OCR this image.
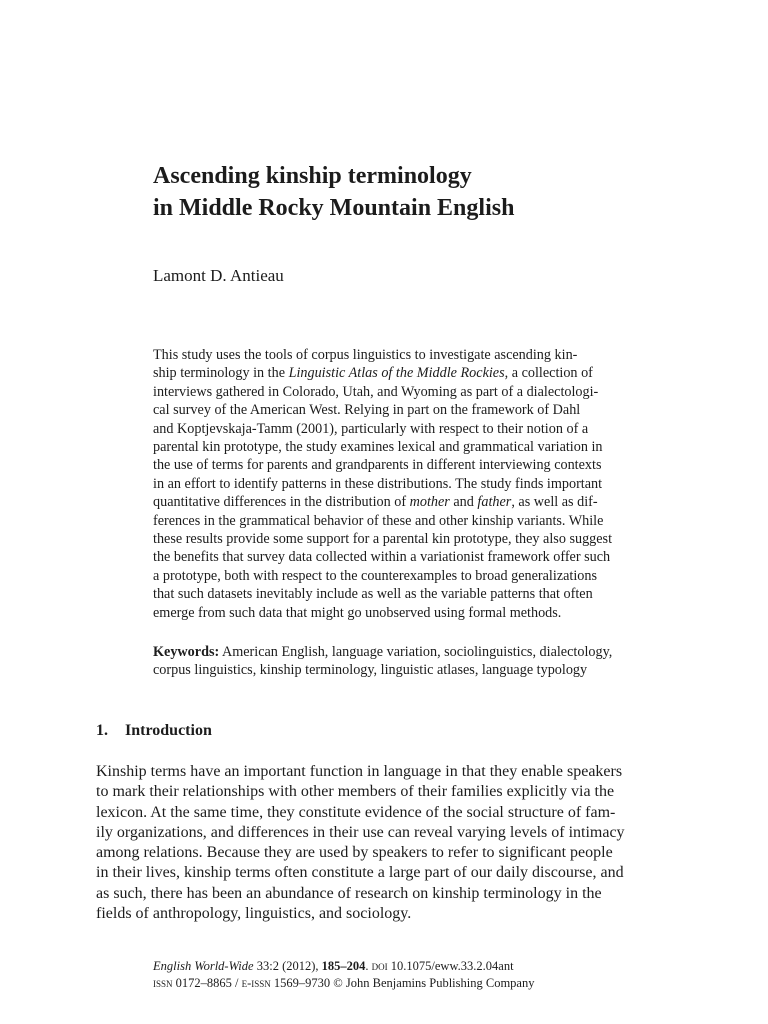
Ascending kinship terminology
in Middle Rocky Mountain English
Lamont D. Antieau
This study uses the tools of corpus linguistics to investigate ascending kin-
ship terminology in the Linguistic Atlas of the Middle Rockies, a collection of
interviews gathered in Colorado, Utah, and Wyoming as part of a dialectologi-
cal survey of the American West. Relying in part on the framework of Dahl
and Koptjevskaja-Tamm (2001), particularly with respect to their notion of a
parental kin prototype, the study examines lexical and grammatical variation in
the use of terms for parents and grandparents in different interviewing contexts
in an effort to identify patterns in these distributions. The study finds important
quantitative differences in the distribution of mother and father, as well as dif-
ferences in the grammatical behavior of these and other kinship variants. While
these results provide some support for a parental kin prototype, they also suggest
the benefits that survey data collected within a variationist framework offer such
a prototype, both with respect to the counterexamples to broad generalizations
that such datasets inevitably include as well as the variable patterns that often
emerge from such data that might go unobserved using formal methods.
Keywords: American English, language variation, sociolinguistics, dialectology,
corpus linguistics, kinship terminology, linguistic atlases, language typology
1. Introduction
Kinship terms have an important function in language in that they enable speakers
to mark their relationships with other members of their families explicitly via the
lexicon. At the same time, they constitute evidence of the social structure of fam-
ily organizations, and differences in their use can reveal varying levels of intimacy
among relations. Because they are used by speakers to refer to significant people
in their lives, kinship terms often constitute a large part of our daily discourse, and
as such, there has been an abundance of research on kinship terminology in the
fields of anthropology, linguistics, and sociology.
English World-Wide 33:2 (2012), 185–204. doi 10.1075/eww.33.2.04ant
issn 0172–8865 / e-issn 1569–9730 © John Benjamins Publishing Company
